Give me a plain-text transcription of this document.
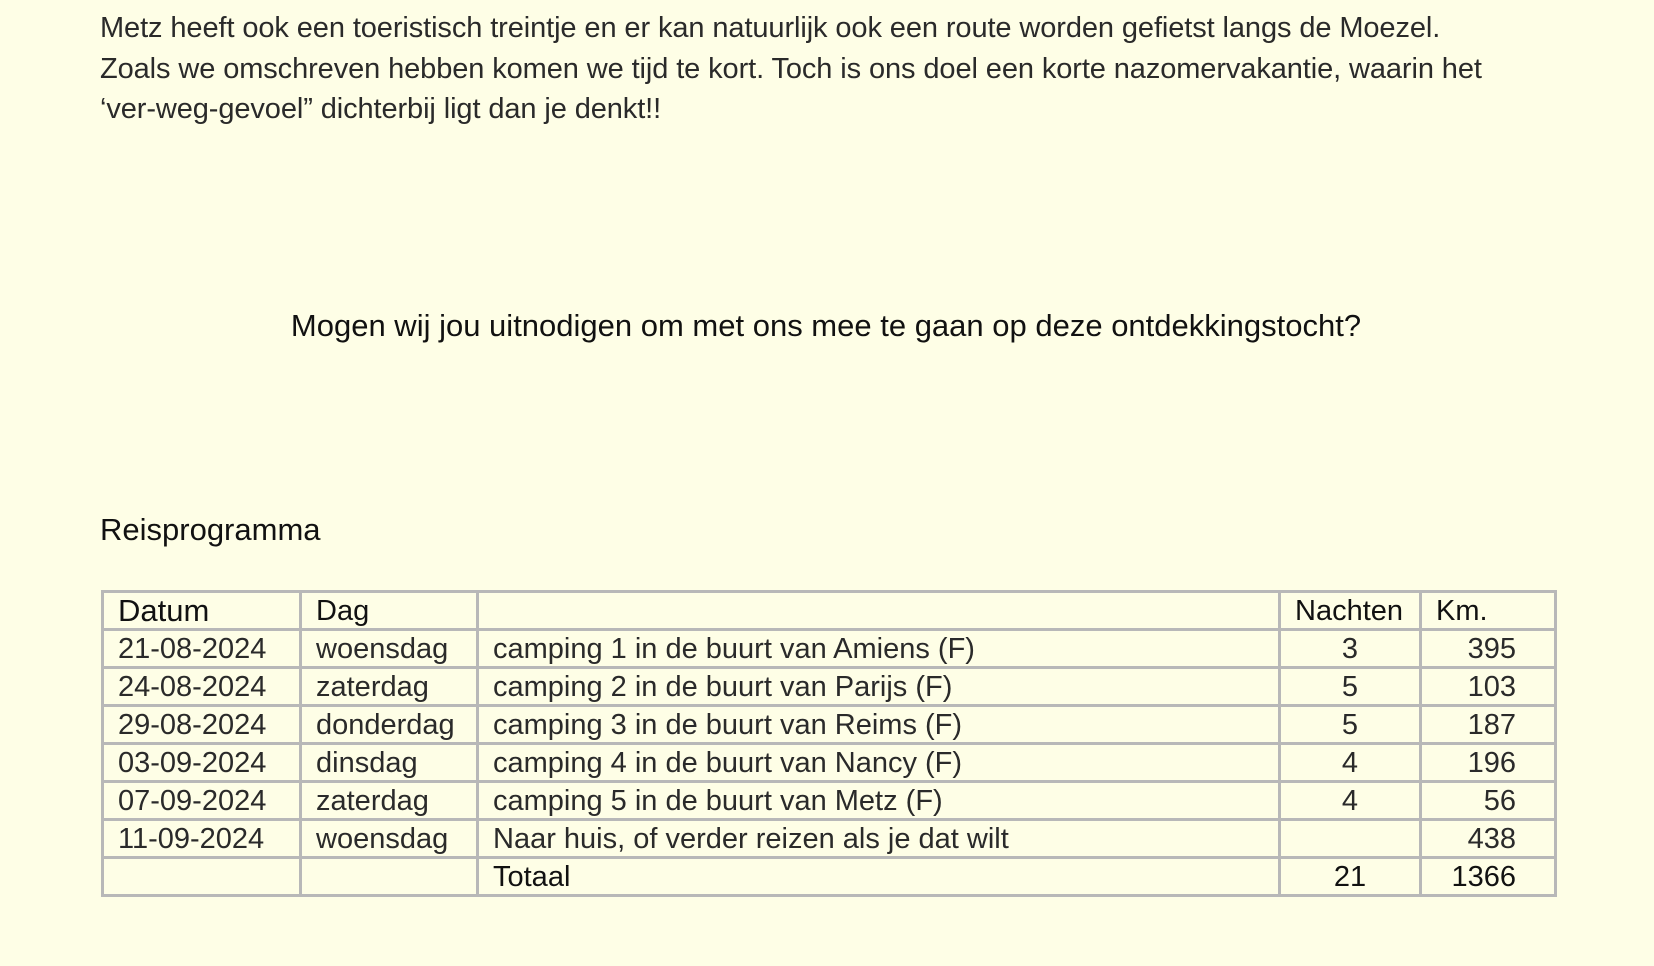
Metz heeft ook een toeristisch treintje en er kan natuurlijk ook een route worden gefietst langs de Moezel.

Zoals we omschreven hebben komen we tijd te kort. Toch is ons doel een korte nazomervakantie, waarin het ‘ver-weg-gevoel” dichterbij ligt dan je denkt!!

Mogen wij jou uitnodigen om met ons mee te gaan op deze ontdekkingstocht?
Reisprogramma
Datum	Dag		Nachten	Km.
21-08-2024	woensdag	camping 1 in de buurt van Amiens (F)	3	395
24-08-2024	zaterdag	camping 2 in de buurt van Parijs (F)	5	103
29-08-2024	donderdag	camping 3 in de buurt van Reims (F)	5	187
03-09-2024	dinsdag	camping 4 in de buurt van Nancy (F)	4	196
07-09-2024	zaterdag	camping 5 in de buurt van Metz (F)	4	56
11-09-2024	woensdag	Naar huis, of verder reizen als je dat wilt		438
		Totaal	21	1366
